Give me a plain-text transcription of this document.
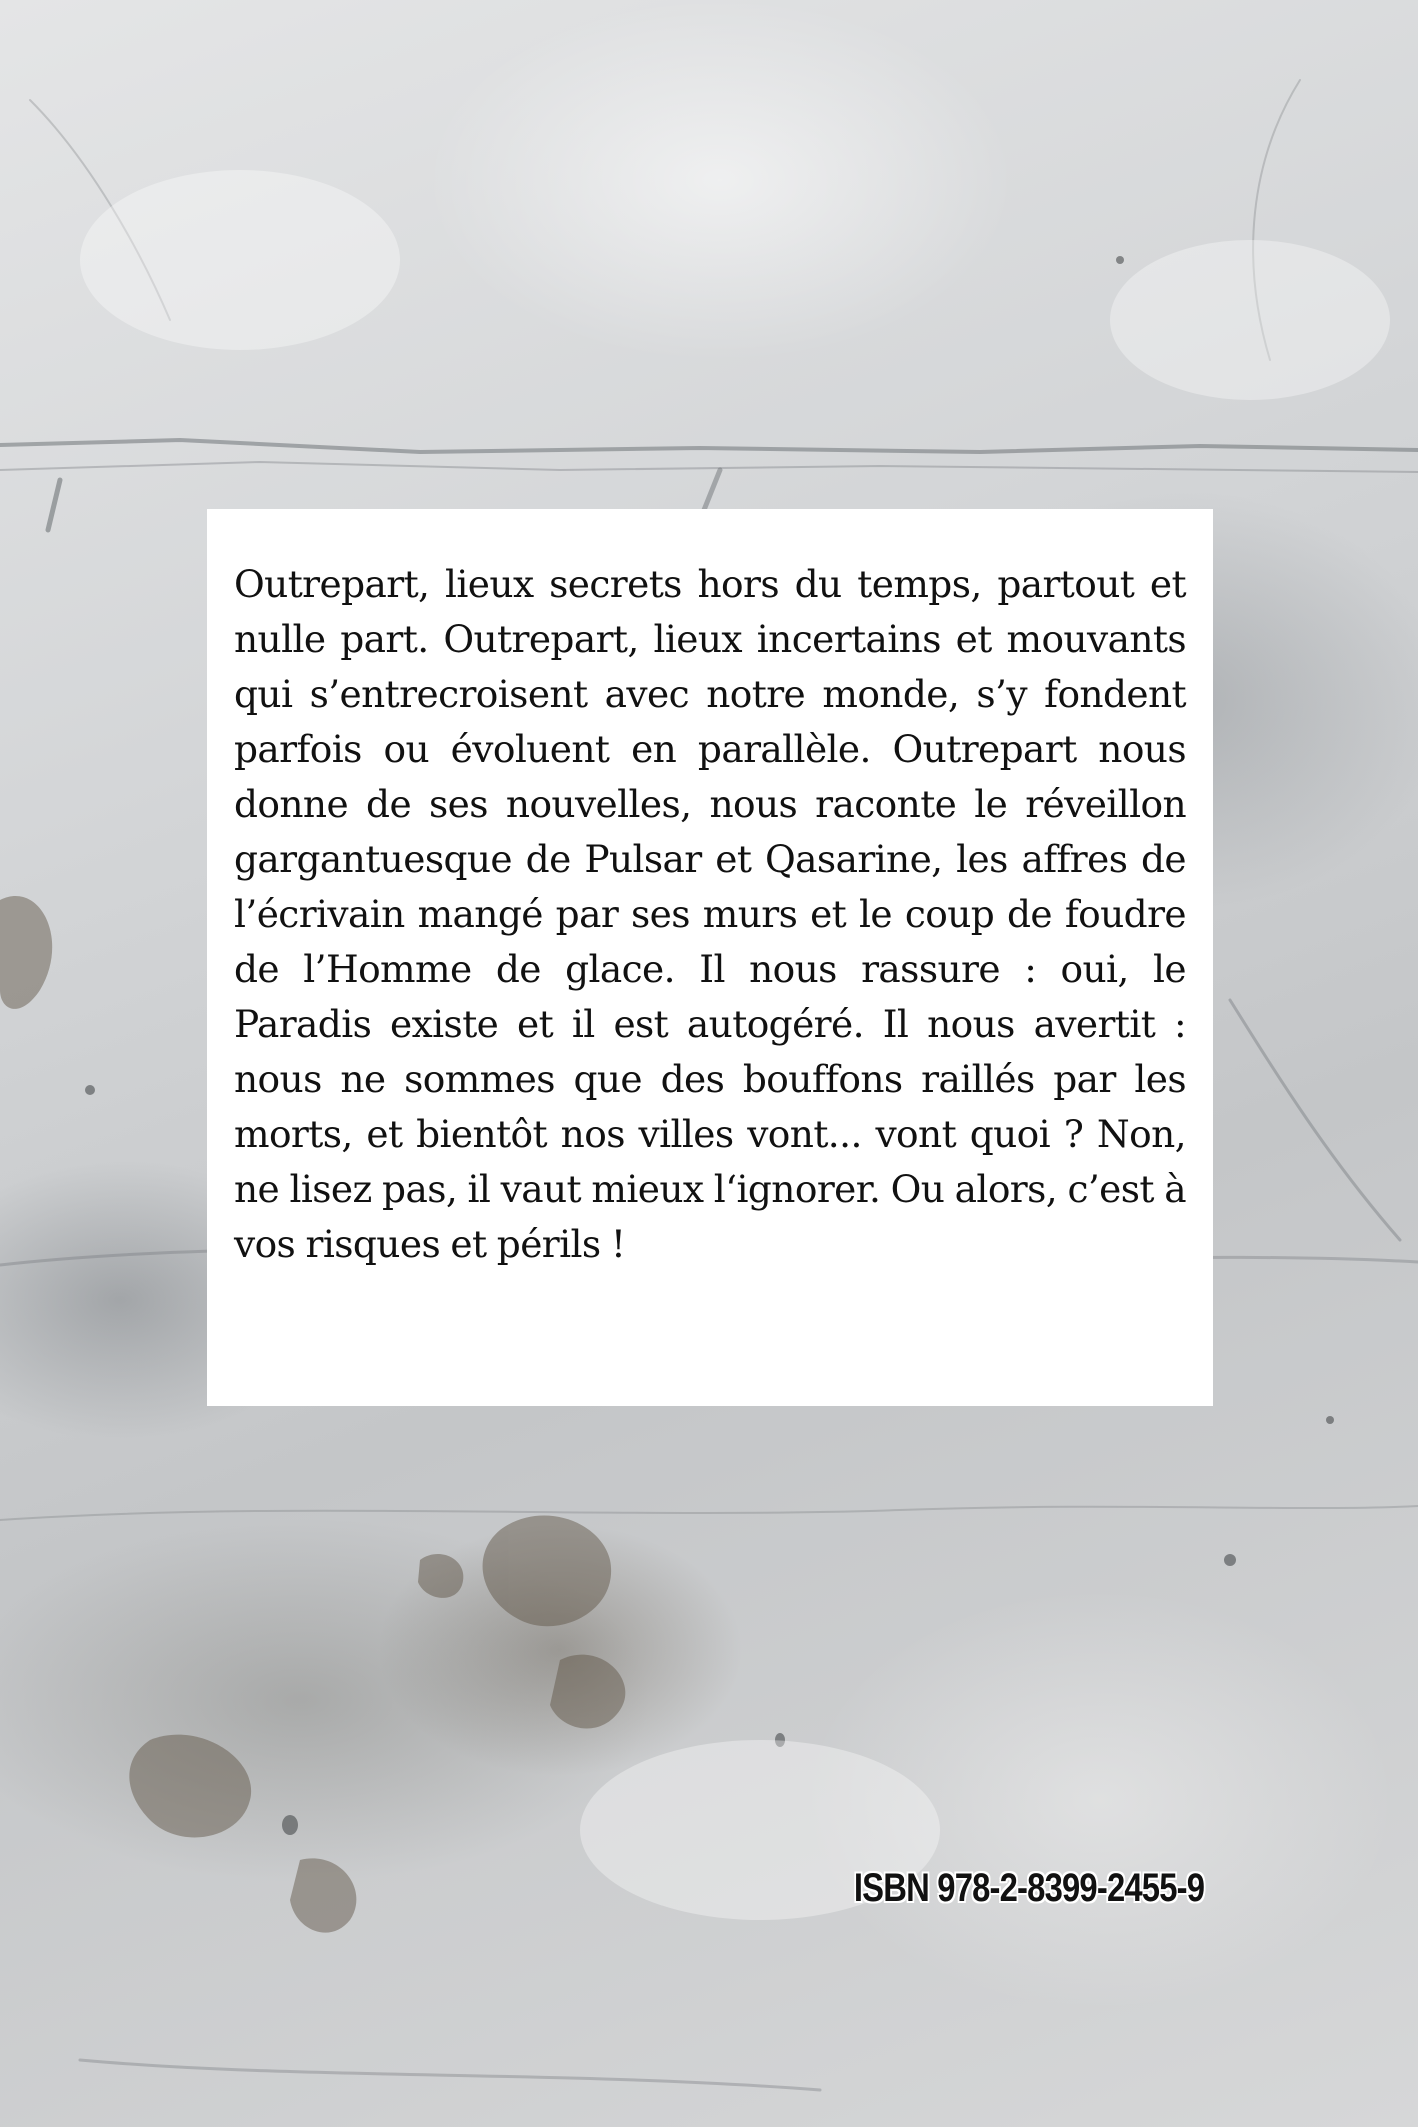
Outrepart, lieux secrets hors du temps, partout et nulle part. Outrepart, lieux incertains et mouvants qui s’entrecroisent avec notre monde, s’y fondent parfois ou évoluent en parallèle. Outrepart nous donne de ses nouvelles, nous raconte le réveillon gargantuesque de Pulsar et Qasarine, les affres de l’écrivain mangé par ses murs et le coup de foudre de l’Homme de glace. Il nous rassure : oui, le Paradis existe et il est autogéré. Il nous avertit : nous ne sommes que des bouffons raillés par les morts, et bientôt nos villes vont... vont quoi ? Non, ne lisez pas, il vaut mieux l‘ignorer. Ou alors, c’est à vos risques et périls !

ISBN 978-2-8399-2455-9
